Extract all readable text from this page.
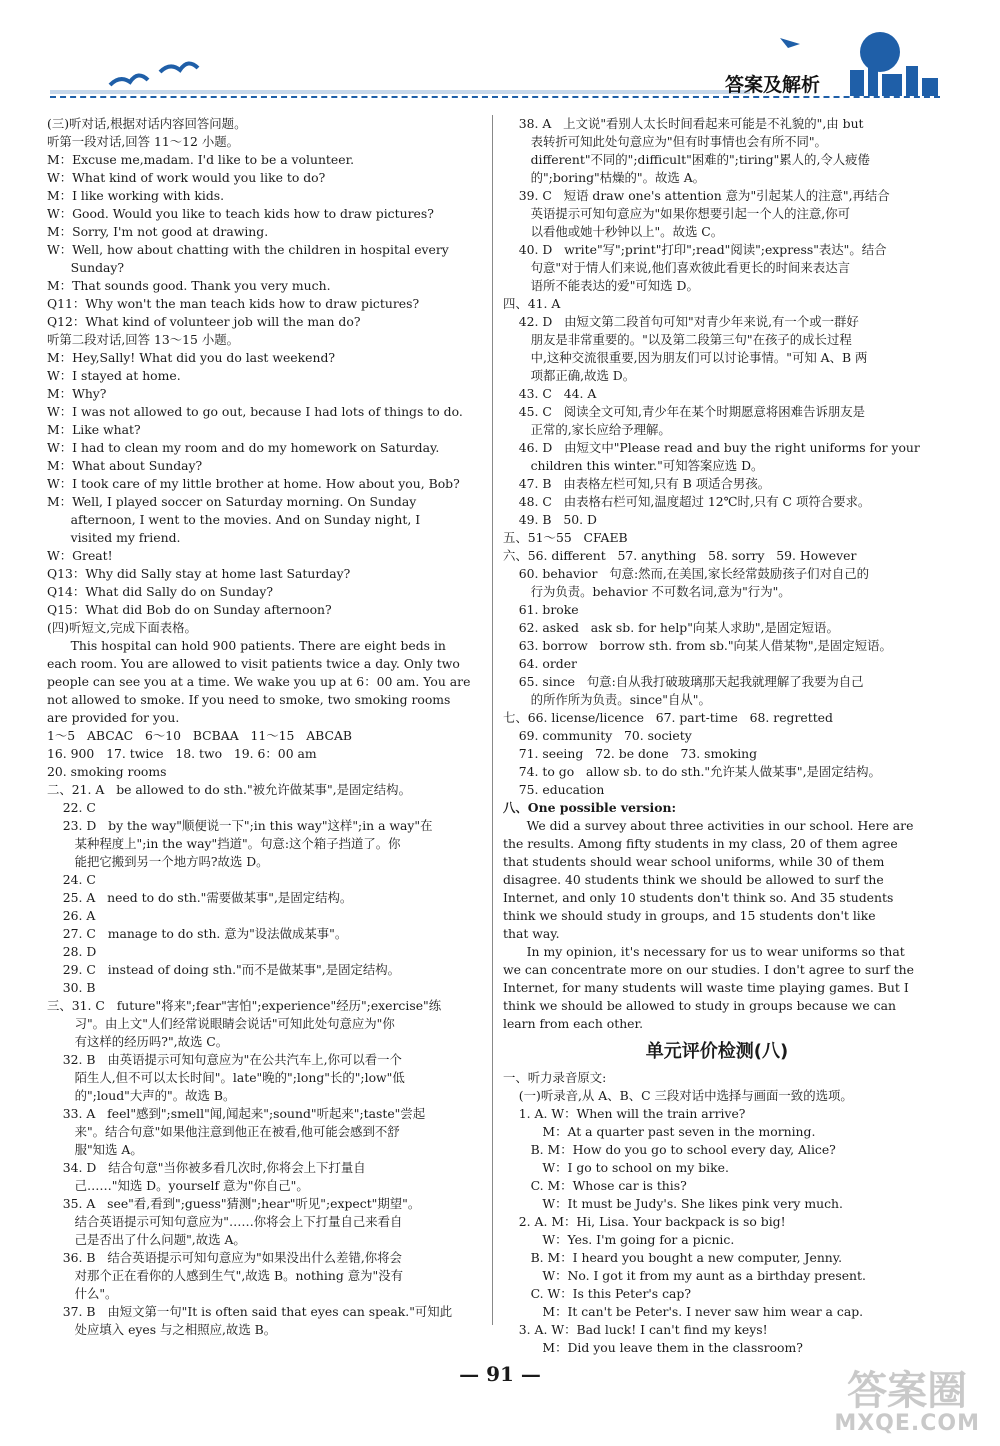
答案及解析
(三)听对话,根据对话内容回答问题。
听第一段对话,回答 11～12 小题。
M：Excuse me,madam. I'd like to be a volunteer.
W：What kind of work would you like to do?
M：I like working with kids.
W：Good. Would you like to teach kids how to draw pictures?
M：Sorry, I'm not good at drawing.
W：Well, how about chatting with the children in hospital every
Sunday?
M：That sounds good. Thank you very much.
Q11：Why won't the man teach kids how to draw pictures?
Q12：What kind of volunteer job will the man do?
听第二段对话,回答 13～15 小题。
M：Hey,Sally! What did you do last weekend?
W：I stayed at home.
M：Why?
W：I was not allowed to go out, because I had lots of things to do.
M：Like what?
W：I had to clean my room and do my homework on Saturday.
M：What about Sunday?
W：I took care of my little brother at home. How about you, Bob?
M：Well, I played soccer on Saturday morning. On Sunday
afternoon, I went to the movies. And on Sunday night, I
visited my friend.
W：Great!
Q13：Why did Sally stay at home last Saturday?
Q14：What did Sally do on Sunday?
Q15：What did Bob do on Sunday afternoon?
(四)听短文,完成下面表格。
This hospital can hold 900 patients. There are eight beds in
each room. You are allowed to visit patients twice a day. Only two
people can see you at a time. We wake you up at 6：00 am. You are
not allowed to smoke. If you need to smoke, two smoking rooms
are provided for you.
1～5   ABCAC   6～10   BCBAA   11～15   ABCAB
16. 900   17. twice   18. two   19. 6：00 am
20. smoking rooms
二、21. A   be allowed to do sth."被允许做某事",是固定结构。
22. C
23. D   by the way"顺便说一下";in this way"这样";in a way"在
某种程度上";in the way"挡道"。句意:这个箱子挡道了。你
能把它搬到另一个地方吗?故选 D。
24. C
25. A   need to do sth."需要做某事",是固定结构。
26. A
27. C   manage to do sth. 意为"设法做成某事"。
28. D
29. C   instead of doing sth."而不是做某事",是固定结构。
30. B
三、31. C   future"将来";fear"害怕";experience"经历";exercise"练
习"。由上文"人们经常说眼睛会说话"可知此处句意应为"你
有这样的经历吗?",故选 C。
32. B   由英语提示可知句意应为"在公共汽车上,你可以看一个
陌生人,但不可以太长时间"。late"晚的";long"长的";low"低
的";loud"大声的"。故选 B。
33. A   feel"感到";smell"闻,闻起来";sound"听起来";taste"尝起
来"。结合句意"如果他注意到他正在被看,他可能会感到不舒
服"知选 A。
34. D   结合句意"当你被多看几次时,你将会上下打量自
己……"知选 D。yourself 意为"你自己"。
35. A   see"看,看到";guess"猜测";hear"听见";expect"期望"。
结合英语提示可知句意应为"……你将会上下打量自己来看自
己是否出了什么问题",故选 A。
36. B   结合英语提示可知句意应为"如果没出什么差错,你将会
对那个正在看你的人感到生气",故选 B。nothing 意为"没有
什么"。
37. B   由短文第一句"It is often said that eyes can speak."可知此
处应填入 eyes 与之相照应,故选 B。
38. A   上文说"看别人太长时间看起来可能是不礼貌的",由 but
表转折可知此处句意应为"但有时事情也会有所不同"。
different"不同的";difficult"困难的";tiring"累人的,令人疲倦
的";boring"枯燥的"。故选 A。
39. C   短语 draw one's attention 意为"引起某人的注意",再结合
英语提示可知句意应为"如果你想要引起一个人的注意,你可
以看他或她十秒钟以上"。故选 C。
40. D   write"写";print"打印";read"阅读";express"表达"。结合
句意"对于情人们来说,他们喜欢彼此看更长的时间来表达言
语所不能表达的爱"可知选 D。
四、41. A
42. D   由短文第二段首句可知"对青少年来说,有一个或一群好
朋友是非常重要的。"以及第二段第三句"在孩子的成长过程
中,这种交流很重要,因为朋友们可以讨论事情。"可知 A、B 两
项都正确,故选 D。
43. C   44. A
45. C   阅读全文可知,青少年在某个时期愿意将困难告诉朋友是
正常的,家长应给予理解。
46. D   由短文中"Please read and buy the right uniforms for your
children this winter."可知答案应选 D。
47. B   由表格左栏可知,只有 B 项适合男孩。
48. C   由表格右栏可知,温度超过 12℃时,只有 C 项符合要求。
49. B   50. D
五、51～55   CFAEB
六、56. different   57. anything   58. sorry   59. However
60. behavior   句意:然而,在美国,家长经常鼓励孩子们对自己的
行为负责。behavior 不可数名词,意为"行为"。
61. broke
62. asked   ask sb. for help"向某人求助",是固定短语。
63. borrow   borrow sth. from sb."向某人借某物",是固定短语。
64. order
65. since   句意:自从我打破玻璃那天起我就理解了我要为自己
的所作所为负责。since"自从"。
七、66. license/licence   67. part-time   68. regretted
69. community   70. society
71. seeing   72. be done   73. smoking
74. to go   allow sb. to do sth."允许某人做某事",是固定结构。
75. education
八、One possible version:
We did a survey about three activities in our school. Here are
the results. Among fifty students in my class, 20 of them agree
that students should wear school uniforms, while 30 of them
disagree. 40 students think we should be allowed to surf the
Internet, and only 10 students don't think so. And 35 students
think we should study in groups, and 15 students don't like
that way.
In my opinion, it's necessary for us to wear uniforms so that
we can concentrate more on our studies. I don't agree to surf the
Internet, for many students will waste time playing games. But I
think we should be allowed to study in groups because we can
learn from each other.
单元评价检测(八)
一、听力录音原文:
(一)听录音,从 A、B、C 三段对话中选择与画面一致的选项。
1. A. W：When will the train arrive?
M：At a quarter past seven in the morning.
B. M：How do you go to school every day, Alice?
W：I go to school on my bike.
C. M：Whose car is this?
W：It must be Judy's. She likes pink very much.
2. A. M：Hi, Lisa. Your backpack is so big!
W：Yes. I'm going for a picnic.
B. M：I heard you bought a new computer, Jenny.
W：No. I got it from my aunt as a birthday present.
C. W：Is this Peter's cap?
M：It can't be Peter's. I never saw him wear a cap.
3. A. W：Bad luck! I can't find my keys!
M：Did you leave them in the classroom?
— 91 —	答案圈
MXQE.COM
